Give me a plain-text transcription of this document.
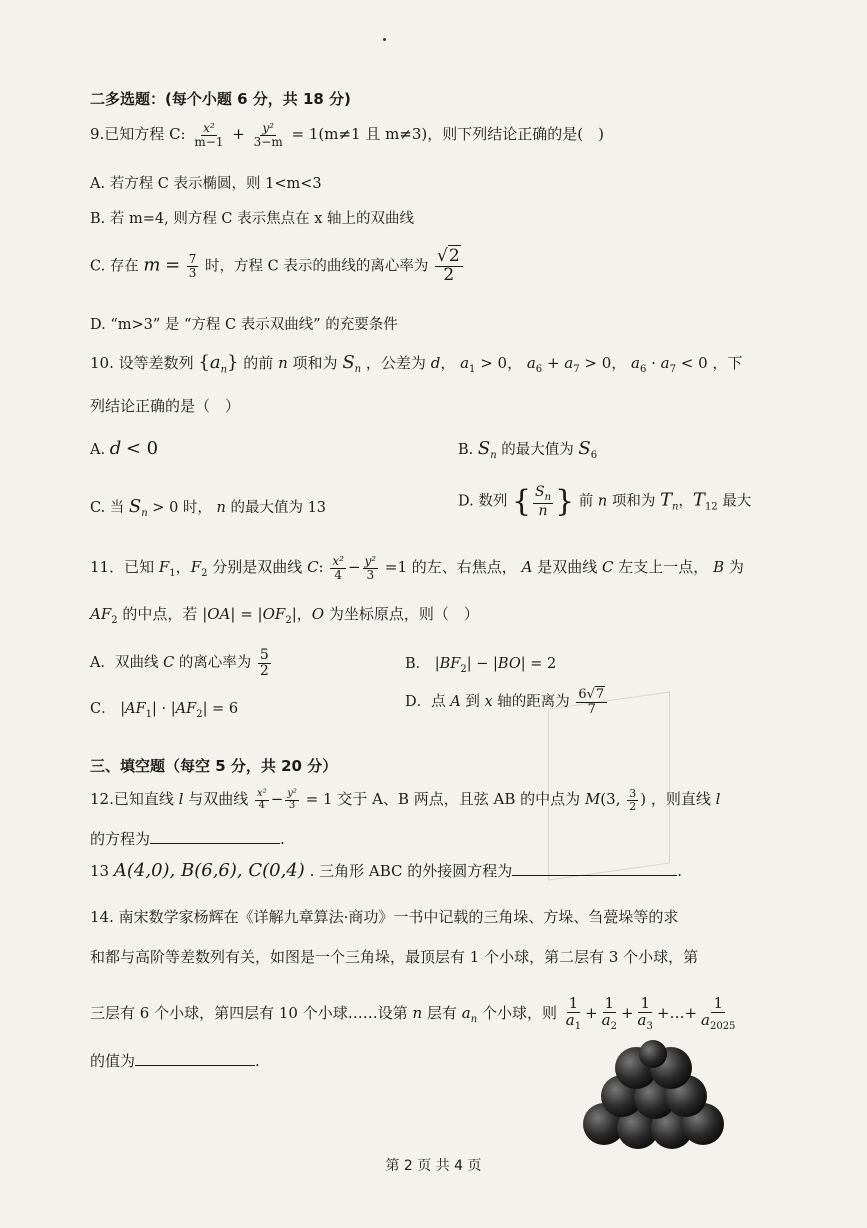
二多选题：(每个小题 6 分，共 18 分)
9.已知方程 C: $\frac{\text{x²}}{m-1} + \frac{\text{y²}}{3-m} = 1(m\ne 1$ 且 m≠3)，则下列结论正确的是(　)
A. 若方程 C 表示椭圆，则 1<m<3
B. 若 m=4, 则方程 C 表示焦点在 x 轴上的双曲线
C. 存在 $m = \frac{7}{3}$ 时，方程 C 表示的曲线的离心率为 $\frac{√2}{2}$
D. “m>3” 是 “方程 C 表示双曲线” 的充要条件
10. 设等差数列 $\{a_n\}$ 的前 n 项和为 $S_n$ ，公差为 d， $a_1 > 0$， $a_6 + a_7 > 0$， $a_6 \cdot a_7 < 0$ ，下
列结论正确的是（　）
A. d < 0	B. $S_n$ 的最大值为 $S_6$
C. 当 $S_n > 0$ 时， n 的最大值为 13	D. 数列 { $\frac{S_n}{n}$ } 前 n 项和为 $T_n$，$T_{12}$ 最大
11．已知 $F_1$，$F_2$ 分别是双曲线 C: $\frac{\text{x²}}{4} - \frac{\text{y²}}{3} =1$ 的左、右焦点， A 是双曲线 C 左支上一点， B 为
$AF_2$ 的中点，若 $|OA| = |OF_2|$，O 为坐标原点，则（　）
A．双曲线 C 的离心率为 $\frac{5}{2}$	B． $|BF_2| - |BO| = 2$
C． $|AF_1| \cdot |AF_2| = 6$	D．点 A 到 x 轴的距离为 $\frac{6√7}{7}$
三、填空题（每空 5 分，共 20 分）
12.已知直线 l 与双曲线 $\frac{\text{x²}}{4} - \frac{\text{y²}}{3} = 1$ 交于 A、B 两点，且弦 AB 的中点为 M(3, $\frac{3}{2}$ ) ，则直线 l
的方程为	.
13 A(4,0), B(6,6), C(0,4) . 三角形 ABC 的外接圆方程为	.
14. 南宋数学家杨辉在《详解九章算法·商功》一书中记载的三角垛、方垛、刍甍垛等的求
和都与高阶等差数列有关，如图是一个三角垛，最顶层有 1 个小球，第二层有 3 个小球，第
三层有 6 个小球，第四层有 10 个小球……设第 n 层有 $a_n$ 个小球，则 $\frac{1}{a_1} + \frac{1}{a_2} + \frac{1}{a_3}$ +…+ $\frac{1}{a_{2025}}$
的值为	.
第 2 页 共 4 页
